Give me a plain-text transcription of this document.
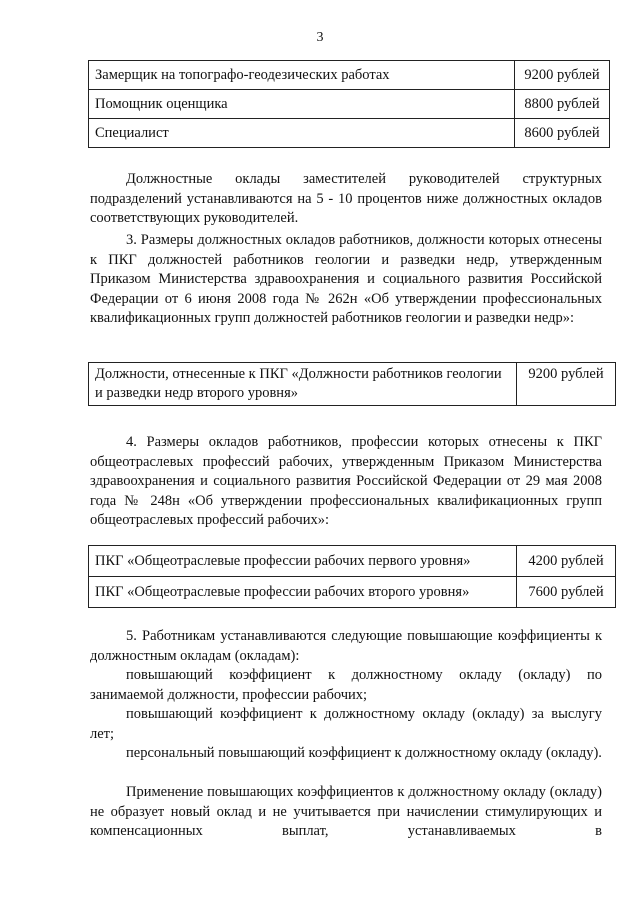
3
Замерщик на топографо-геодезических работах	9200 рублей
Помощник оценщика	8800 рублей
Специалист	8600 рублей

Должностные оклады заместителей руководителей структурных подразделений устанавливаются на 5 - 10 процентов ниже должностных окладов соответствующих руководителей.

3. Размеры должностных окладов работников, должности которых отнесены к ПКГ должностей работников геологии и разведки недр, утвержденным Приказом Министерства здравоохранения и социального развития Российской Федерации от 6 июня 2008 года № 262н «Об утверждении профессиональных квалификационных групп должностей работников геологии и разведки недр»:

Должности, отнесенные к ПКГ «Должности работников геологии и разведки недр второго уровня»	9200 рублей

4. Размеры окладов работников, профессии которых отнесены к ПКГ общеотраслевых профессий рабочих, утвержденным Приказом Министерства здравоохранения и социального развития Российской Федерации от 29 мая 2008 года № 248н «Об утверждении профессиональных квалификационных групп общеотраслевых профессий рабочих»:

ПКГ «Общеотраслевые профессии рабочих первого уровня»	4200 рублей
ПКГ «Общеотраслевые профессии рабочих второго уровня»	7600 рублей

5. Работникам устанавливаются следующие повышающие коэффициенты к должностным окладам (окладам):

повышающий коэффициент к должностному окладу (окладу) по занимаемой должности, профессии рабочих;

повышающий коэффициент к должностному окладу (окладу) за выслугу лет;

персональный повышающий коэффициент к должностному окладу (окладу).

Применение повышающих коэффициентов к должностному окладу (окладу) не образует новый оклад и не учитывается при начислении стимулирующих и компенсационных выплат, устанавливаемых в
